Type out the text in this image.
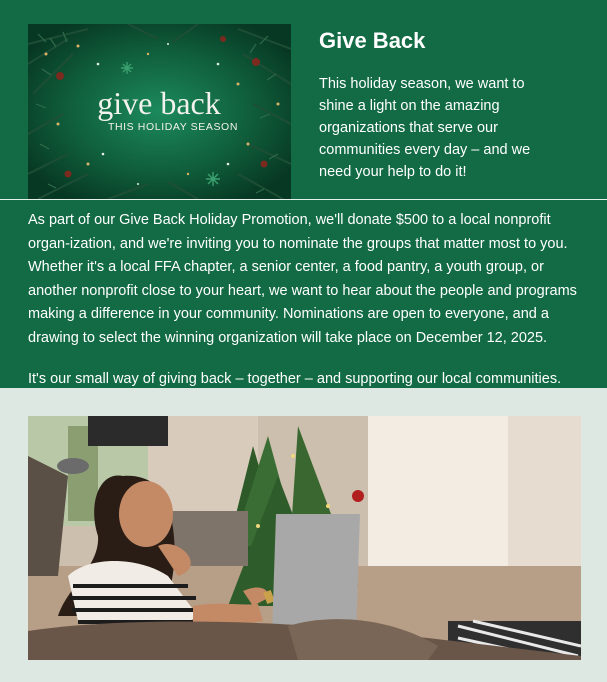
give back
THIS HOLIDAY SEASON
Give Back

This holiday season, we want to shine a light on the amazing organizations that serve our communities every day – and we need your help to do it!

As part of our Give Back Holiday Promotion, we'll donate $500 to a local nonprofit organ-ization, and we're inviting you to nominate the groups that matter most to you. Whether it's a local FFA chapter, a senior center, a food pantry, a youth group, or another nonprofit close to your heart, we want to hear about the people and programs making a difference in your community. Nominations are open to everyone, and a drawing to select the winning organization will take place on December 12, 2025.

It's our small way of giving back – together – and supporting our local communities.
